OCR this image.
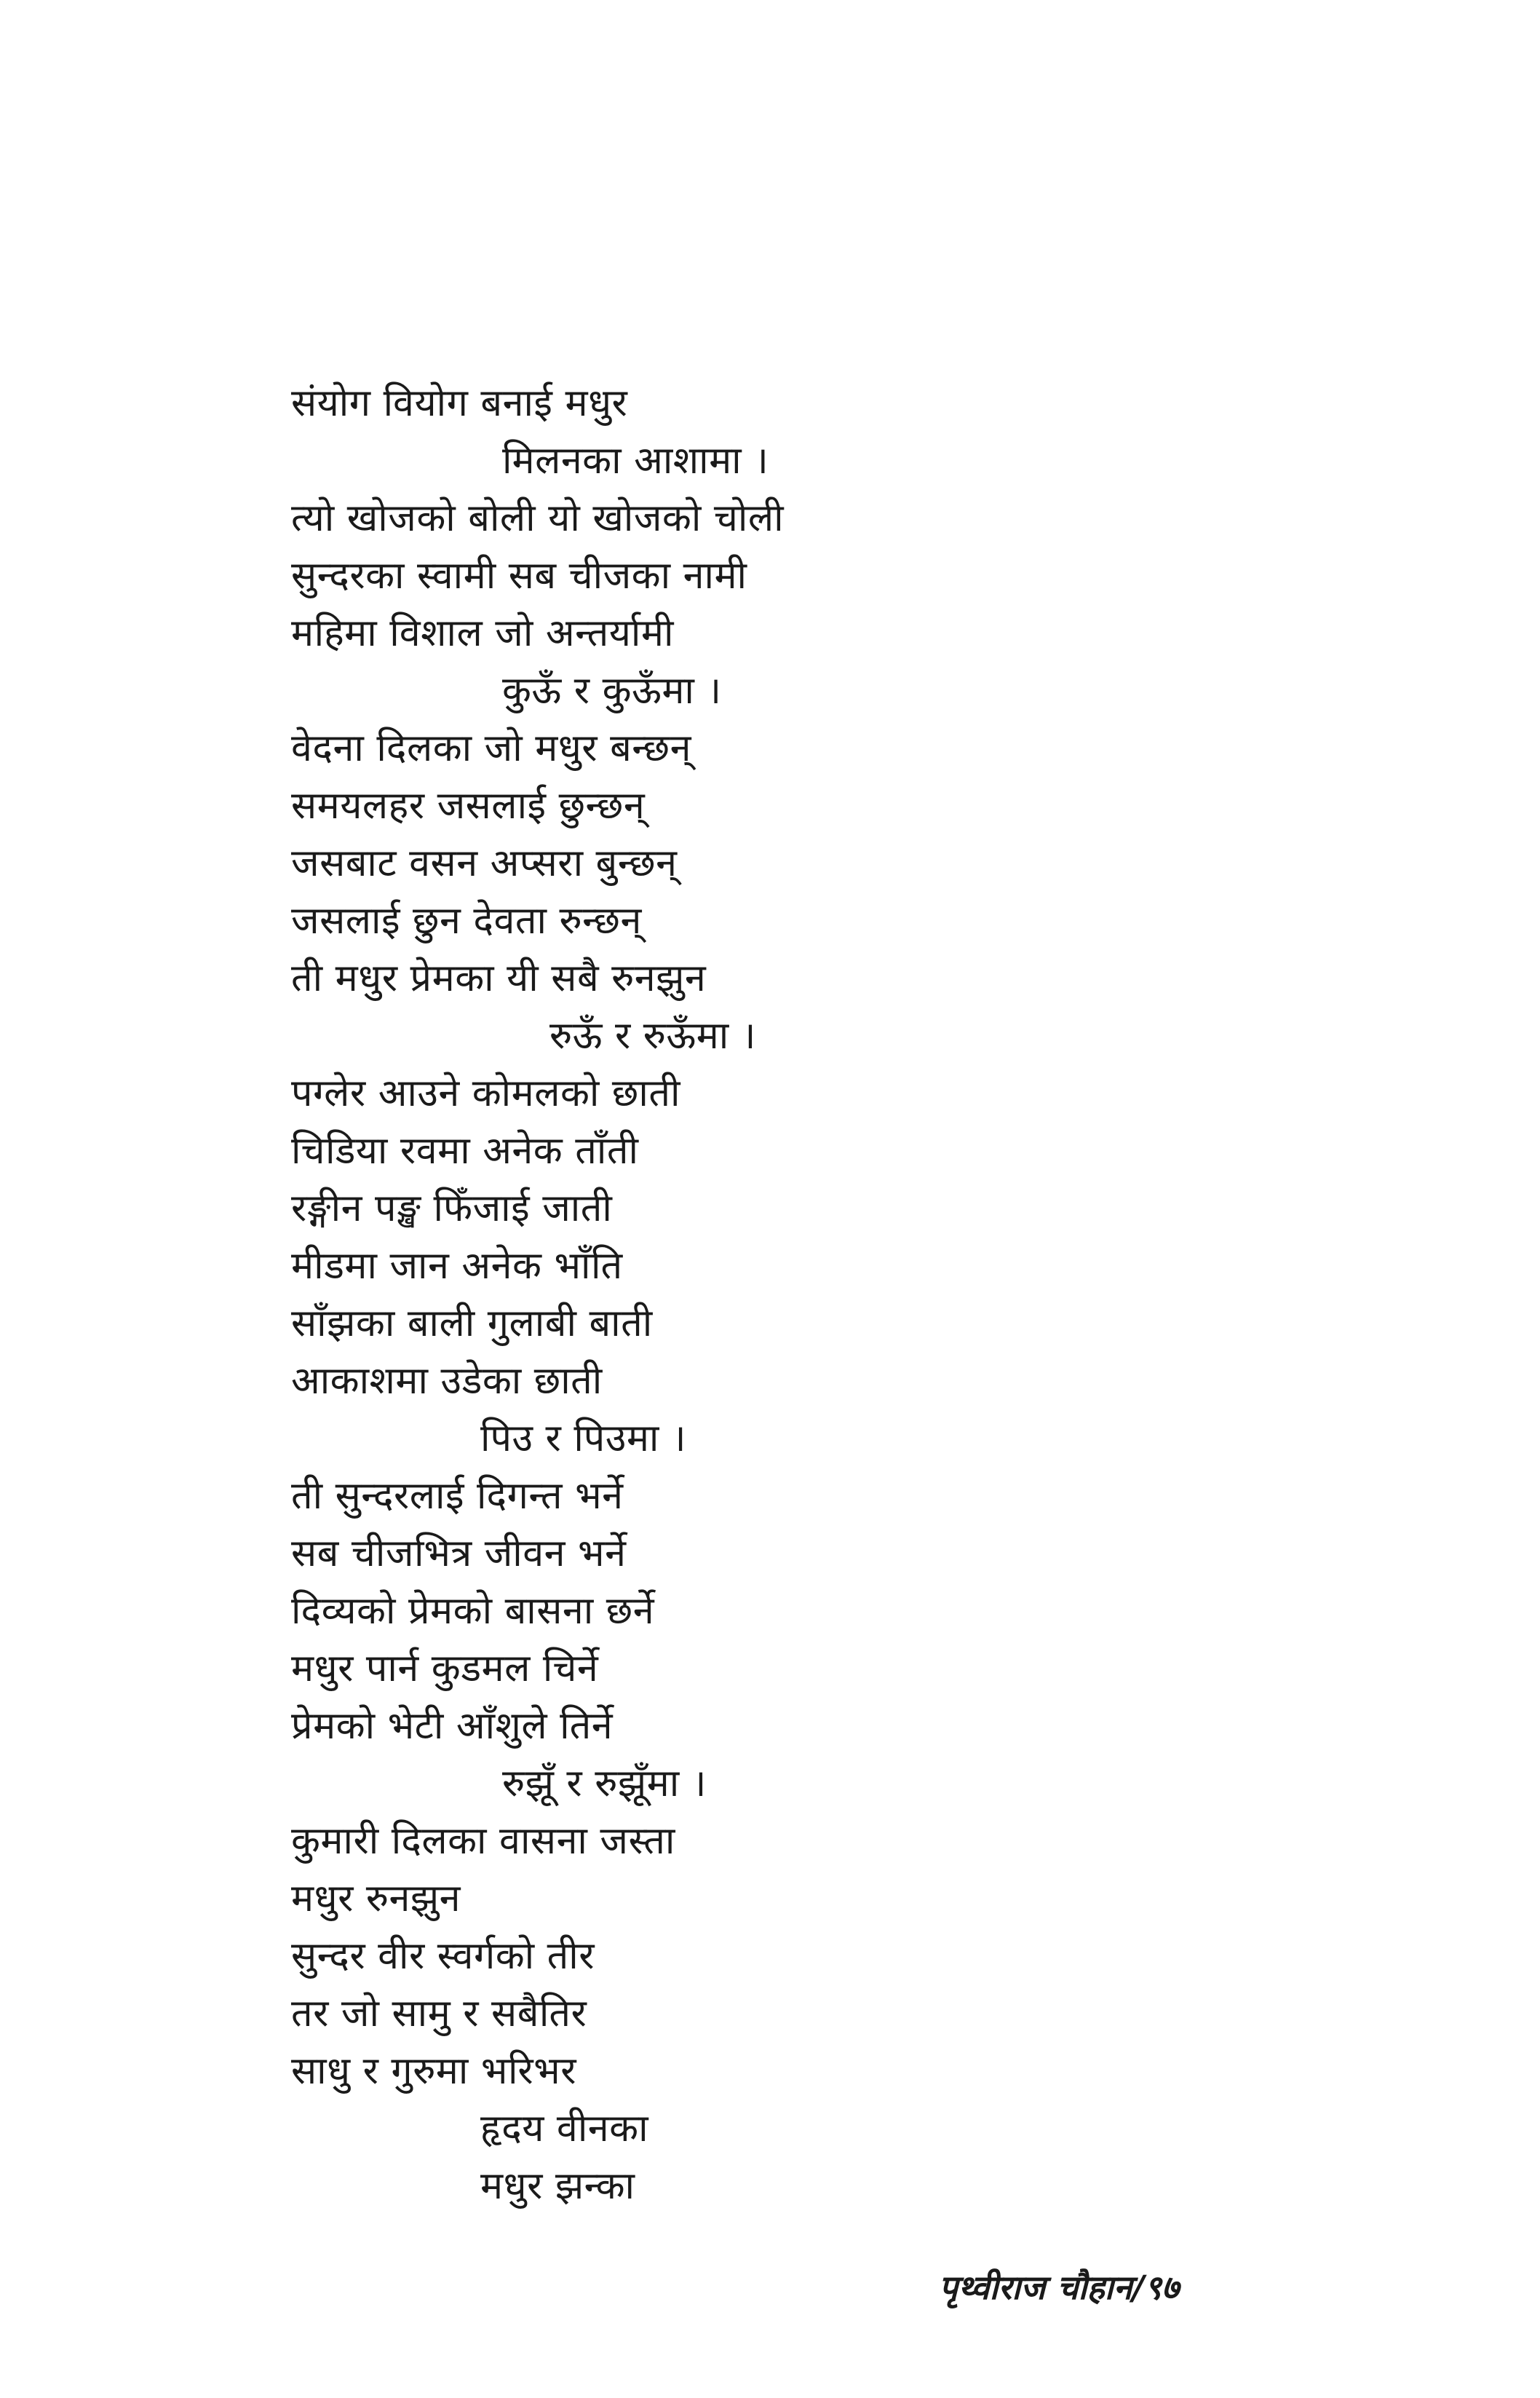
संयोग वियोग बनाई मधुर
मिलनका आशामा ।
त्यो खोजको बोली यो खोजको चोली
सुन्दरका स्वामी सब चीजका नामी
महिमा विशाल जो अन्तर्यामी
कुऊँ र कुऊँमा ।
वेदना दिलका जो मधुर बन्छन्
समयलहर जसलाई छुन्छन्
जसबाट वसन अप्सरा बुन्छन्
जसलाई छुन देवता रुन्छन्
ती मधुर प्रेमका यी सबै रुनझुन
रुऊँ र रुऊँमा ।
पग्लेर आउने कोमलको छाती
चिडिया रवमा अनेक ताँती
रङ्गीन पङ्ख फिँजाई जाती
मीडमा जान अनेक भाँति
साँझका बाली गुलाबी बाती
आकाशमा उडेका छाती
पिउ र पिउमा ।
ती सुन्दरलाई दिगन्त भर्ने
सब चीजभित्र जीवन भर्ने
दिव्यको प्रेमको बासना छर्ने
मधुर पार्न कुडमल चिर्ने
प्रेमको भेटी आँशुले तिर्ने
रुझूँ र रुझूँमा ।
कुमारी दिलका वासना जस्ता
मधुर रुनझुन
सुन्दर वीर स्वर्गको तीर
तर जो सामु र सबैतिर
साधु र गुरुमा भरिभर
हृदय वीनका
मधुर झन्का
पृथ्वीराज चौहान/९७
